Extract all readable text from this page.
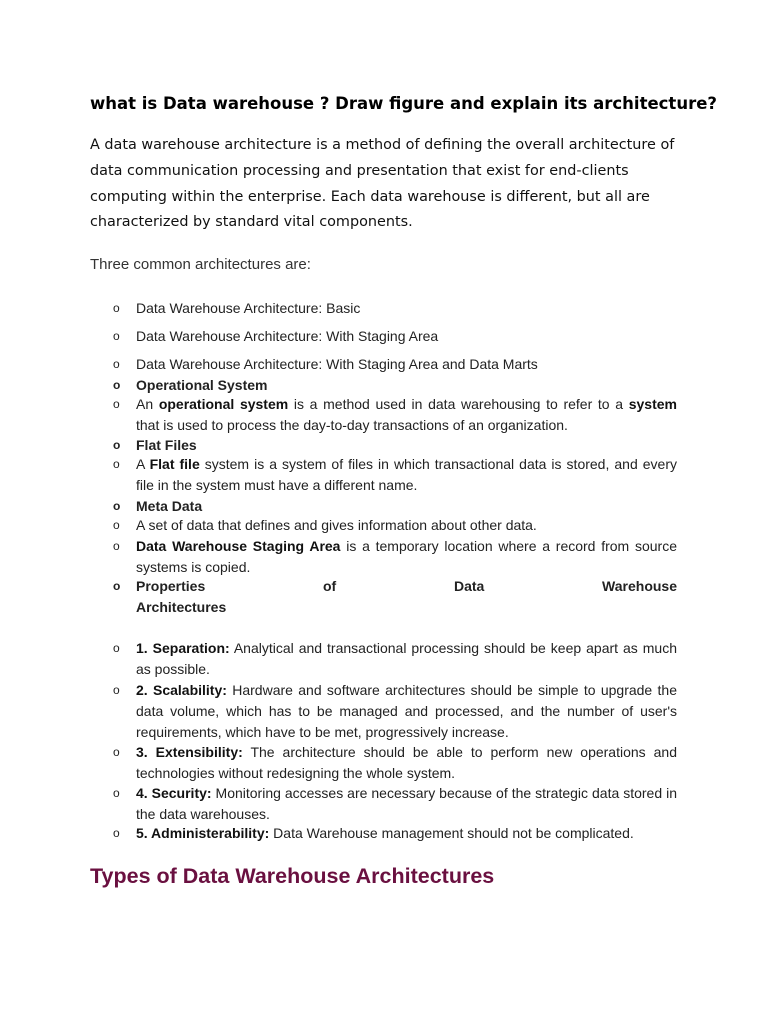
what is Data warehouse ? Draw figure and explain its architecture?

A data warehouse architecture is a method of defining the overall architecture of
data communication processing and presentation that exist for end-clients
computing within the enterprise. Each data warehouse is different, but all are
characterized by standard vital components.

Three common architectures are:

o Data Warehouse Architecture: Basic
o Data Warehouse Architecture: With Staging Area
o Data Warehouse Architecture: With Staging Area and Data Marts
o Operational System
o An operational system is a method used in data warehousing to refer to a system that is used to process the day-to-day transactions of an organization.
o Flat Files
o A Flat file system is a system of files in which transactional data is stored, and every file in the system must have a different name.
o Meta Data
o A set of data that defines and gives information about other data.
o Data Warehouse Staging Area is a temporary location where a record from source systems is copied.
o Properties of Data Warehouse
Architectures
o 1. Separation: Analytical and transactional processing should be keep apart as much as possible.
o 2. Scalability: Hardware and software architectures should be simple to upgrade the data volume, which has to be managed and processed, and the number of user's requirements, which have to be met, progressively increase.
o 3. Extensibility: The architecture should be able to perform new operations and technologies without redesigning the whole system.
o 4. Security: Monitoring accesses are necessary because of the strategic data stored in the data warehouses.
o 5. Administerability: Data Warehouse management should not be complicated.
Types of Data Warehouse Architectures
